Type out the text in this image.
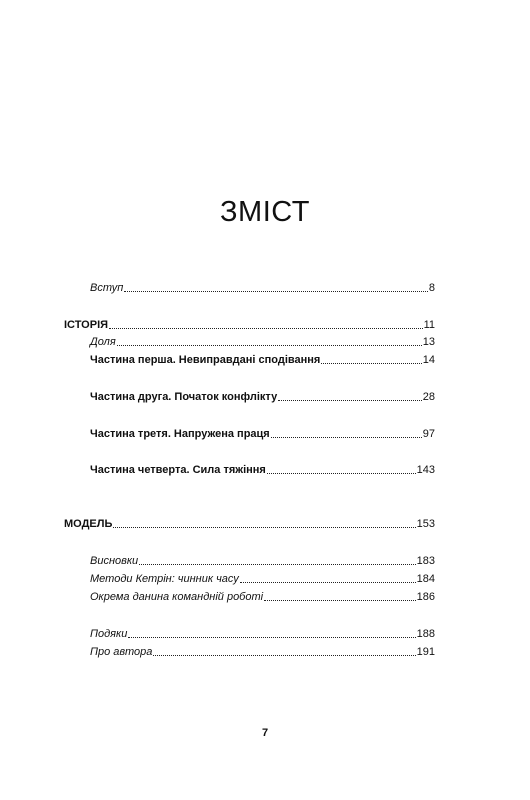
ЗМІСТ
Вступ	8
ІСТОРІЯ	11
Доля	13
Частина перша. Невиправдані сподівання	14
Частина друга. Початок конфлікту	28
Частина третя. Напружена праця	97
Частина четверта. Сила тяжіння	143
МОДЕЛЬ	153
Висновки	183
Методи Кетрін: чинник часу	184
Окрема данина командній роботі	186
Подяки	188
Про автора	191
7
